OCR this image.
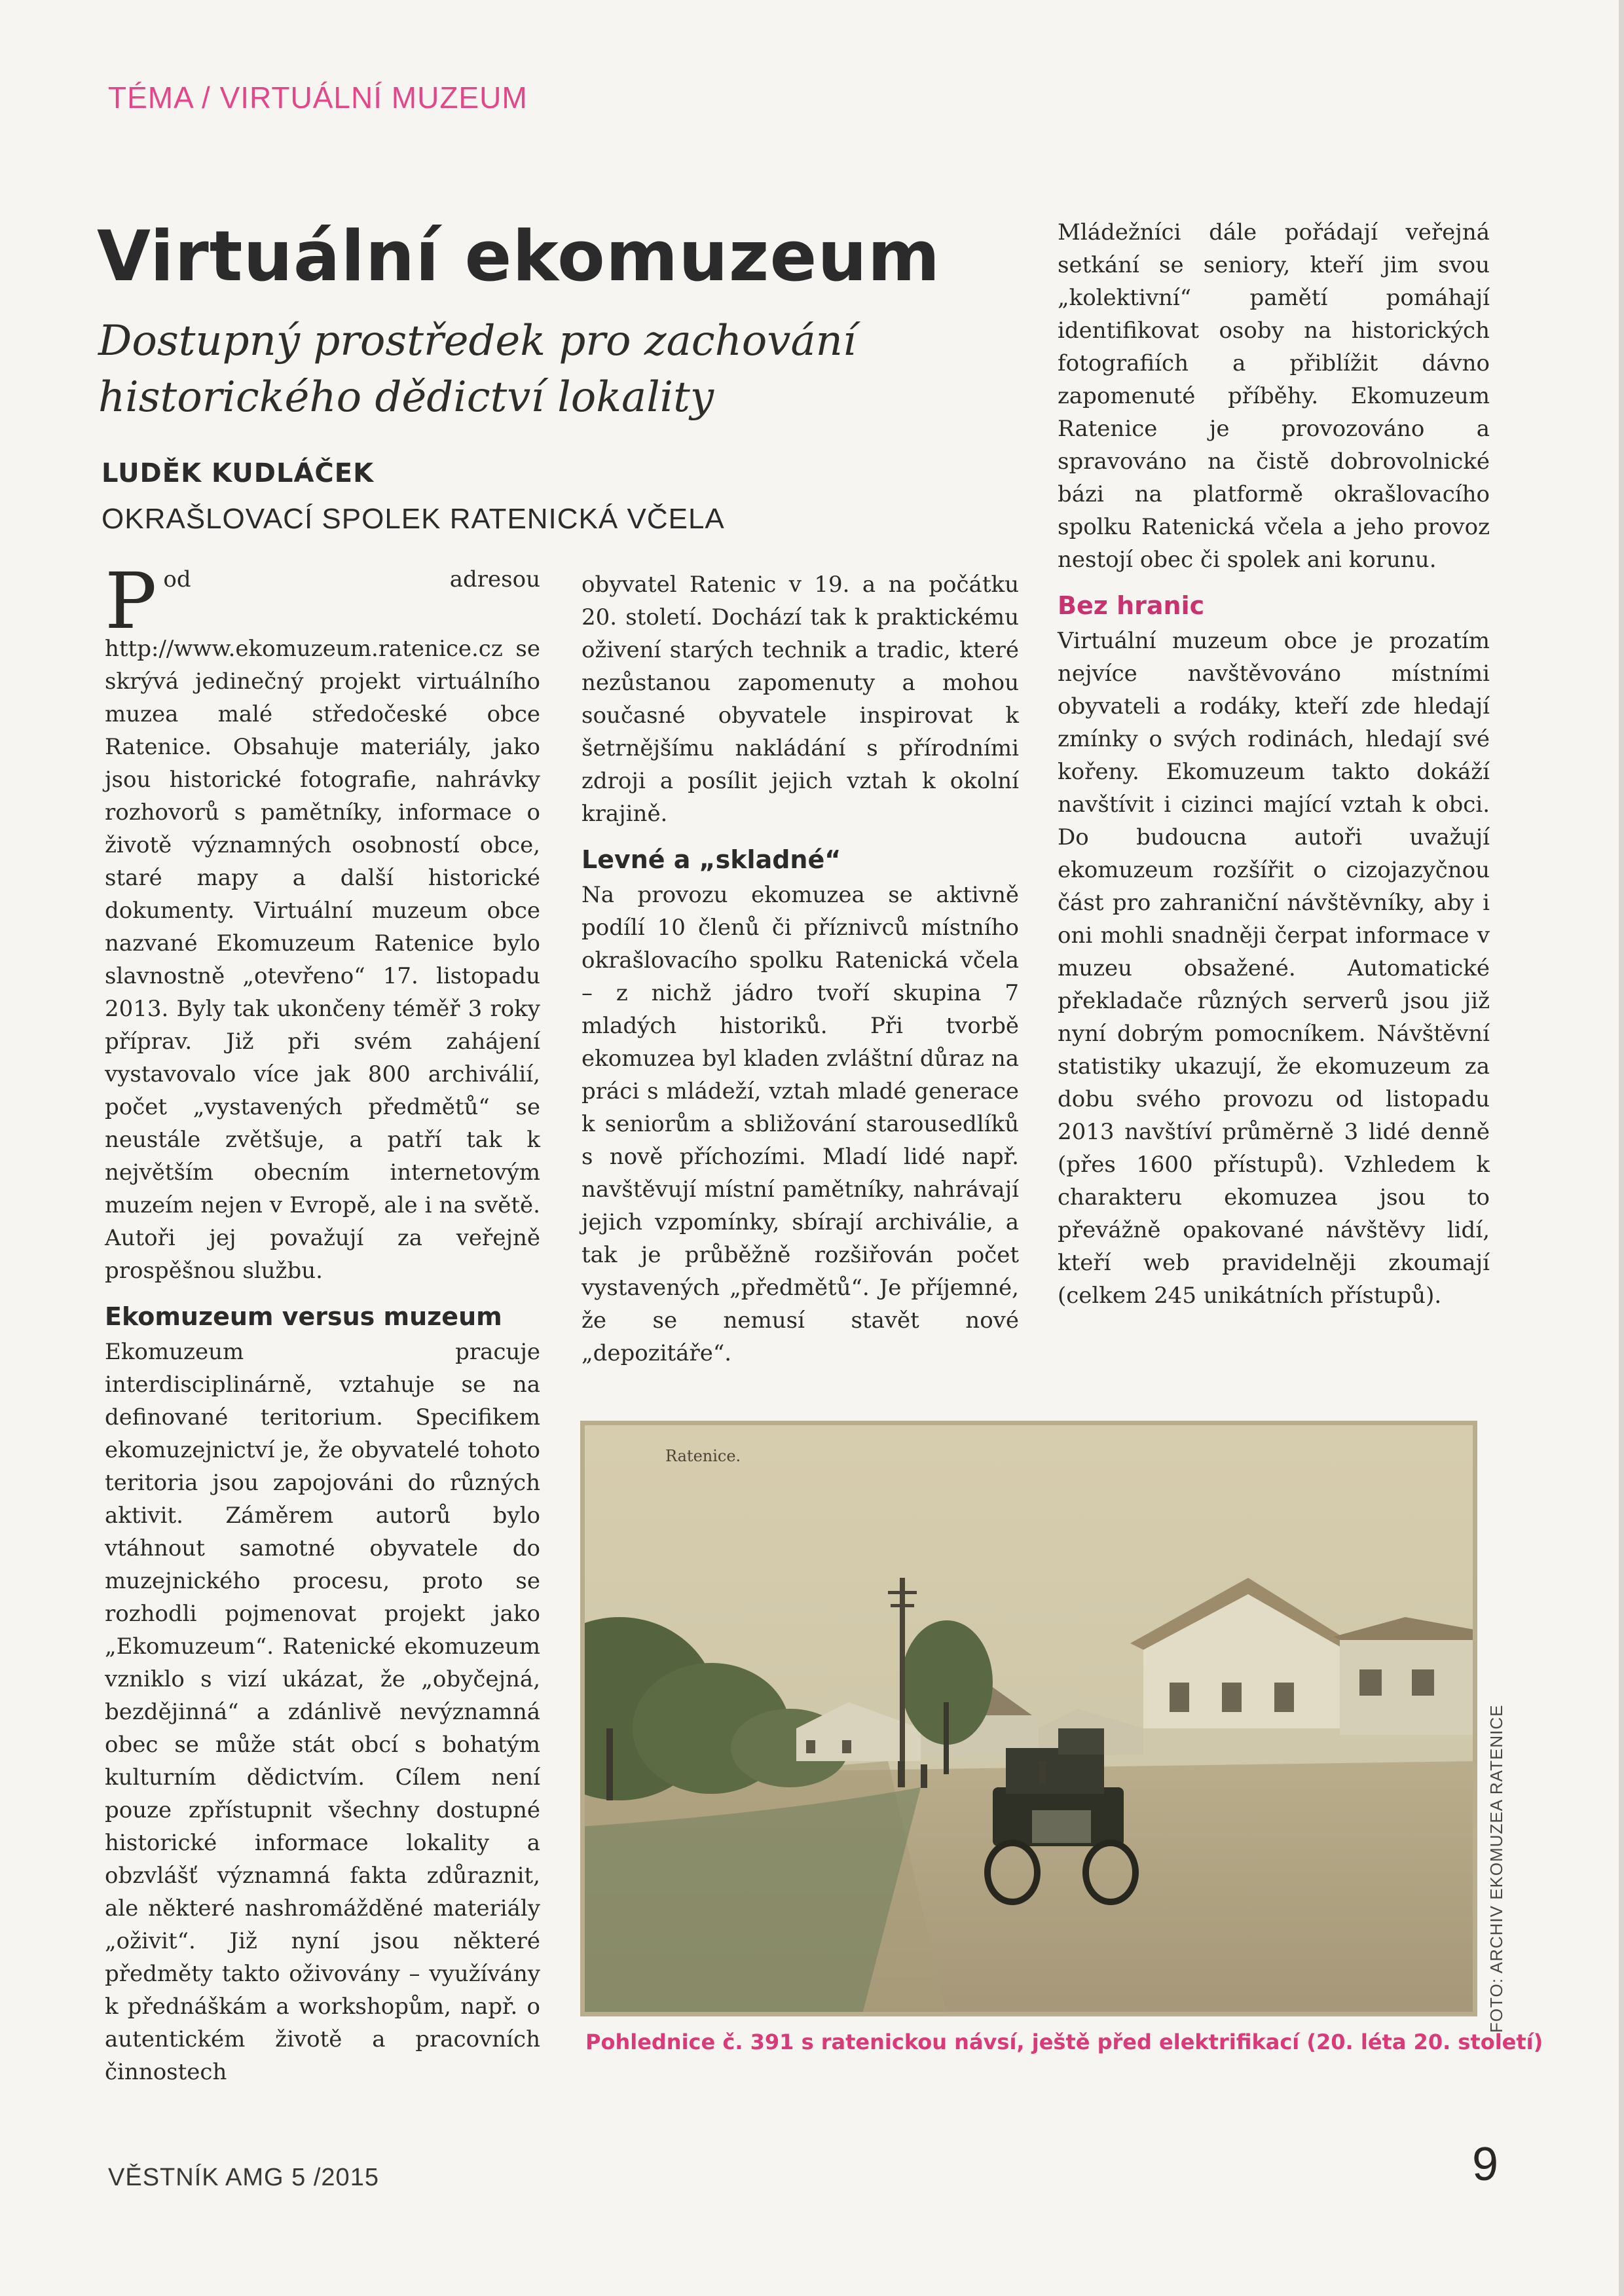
TÉMA / VIRTUÁLNÍ MUZEUM
Virtuální ekomuzeum
Dostupný prostředek pro zachování historického dědictví lokality
LUDĚK KUDLÁČEK
OKRAŠLOVACÍ SPOLEK RATENICKÁ VČELA

Pod adresou http://www.ekomuzeum.ratenice.cz se skrývá jedinečný projekt virtuálního muzea malé středočeské obce Ratenice. Obsahuje materiály, jako jsou historické fotografie, nahrávky rozhovorů s pamětníky, informace o životě významných osobností obce, staré mapy a další historické dokumenty. Virtuální muzeum obce nazvané Ekomuzeum Ratenice bylo slavnostně „otevřeno“ 17. listopadu 2013. Byly tak ukončeny téměř 3 roky příprav. Již při svém zahájení vystavovalo více jak 800 archiválií, počet „vystavených předmětů“ se neustále zvětšuje, a patří tak k největším obecním internetovým muzeím nejen v Evropě, ale i na světě. Autoři jej považují za veřejně prospěšnou službu.

Ekomuzeum versus muzeum

Ekomuzeum pracuje interdisciplinárně, vztahuje se na definované teritorium. Specifikem ekomuzejnictví je, že obyvatelé tohoto teritoria jsou zapojováni do různých aktivit. Záměrem autorů bylo vtáhnout samotné obyvatele do muzejnického procesu, proto se rozhodli pojmenovat projekt jako „Ekomuzeum“. Ratenické ekomuzeum vzniklo s vizí ukázat, že „obyčejná, bezdějinná“ a zdánlivě nevýznamná obec se může stát obcí s bohatým kulturním dědictvím. Cílem není pouze zpřístupnit všechny dostupné historické informace lokality a obzvlášť významná fakta zdůraznit, ale některé nashromážděné materiály „oživit“. Již nyní jsou některé předměty takto oživovány – využívány k přednáškám a workshopům, např. o autentickém životě a pracovních činnostech

obyvatel Ratenic v 19. a na počátku 20. století. Dochází tak k praktickému oživení starých technik a tradic, které nezůstanou zapomenuty a mohou současné obyvatele inspirovat k šetrnějšímu nakládání s přírodními zdroji a posílit jejich vztah k okolní krajině.

Levné a „skladné“

Na provozu ekomuzea se aktivně podílí 10 členů či příznivců místního okrašlovacího spolku Ratenická včela – z nichž jádro tvoří skupina 7 mladých historiků. Při tvorbě ekomuzea byl kladen zvláštní důraz na práci s mládeží, vztah mladé generace k seniorům a sbližování starousedlíků s nově příchozími. Mladí lidé např. navštěvují místní pamětníky, nahrávají jejich vzpomínky, sbírají archiválie, a tak je průběžně rozšiřován počet vystavených „předmětů“. Je příjemné, že se nemusí stavět nové „depozitáře“.

Mládežníci dále pořádají veřejná setkání se seniory, kteří jim svou „kolektivní“ pamětí pomáhají identifikovat osoby na historických fotografiích a přiblížit dávno zapomenuté příběhy. Ekomuzeum Ratenice je provozováno a spravováno na čistě dobrovolnické bázi na platformě okrašlovacího spolku Ratenická včela a jeho provoz nestojí obec či spolek ani korunu.

Bez hranic

Virtuální muzeum obce je prozatím nejvíce navštěvováno místními obyvateli a rodáky, kteří zde hledají zmínky o svých rodinách, hledají své kořeny. Ekomuzeum takto dokáží navštívit i cizinci mající vztah k obci. Do budoucna autoři uvažují ekomuzeum rozšířit o cizojazyčnou část pro zahraniční návštěvníky, aby i oni mohli snadněji čerpat informace v muzeu obsažené. Automatické překladače různých serverů jsou již nyní dobrým pomocníkem. Návštěvní statistiky ukazují, že ekomuzeum za dobu svého provozu od listopadu 2013 navštíví průměrně 3 lidé denně (přes 1600 přístupů). Vzhledem k charakteru ekomuzea jsou to převážně opakované návštěvy lidí, kteří web pravidelněji zkoumají (celkem 245 unikátních přístupů).

Ratenice.
Pohlednice č. 391 s ratenickou návsí, ještě před elektrifikací (20. léta 20. století)
FOTO: ARCHIV EKOMUZEA RATENICE
VĚSTNÍK AMG 5 /2015	9
